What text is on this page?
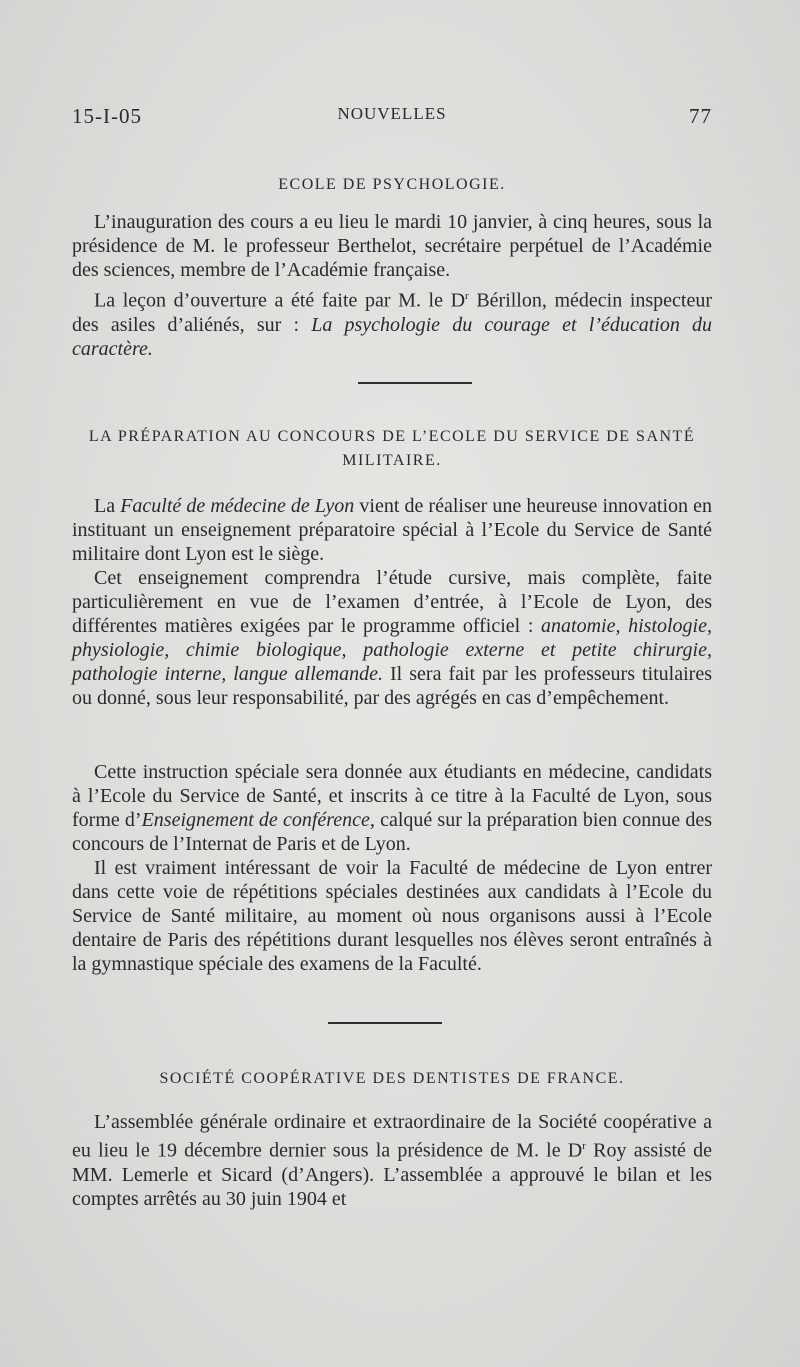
15-I-05	NOUVELLES	77
ECOLE DE PSYCHOLOGIE.

L’inauguration des cours a eu lieu le mardi 10 janvier, à cinq heures, sous la présidence de M. le professeur Berthelot, secrétaire perpétuel de l’Académie des sciences, membre de l’Académie française.

La leçon d’ouverture a été faite par M. le $D^r$ Bérillon, médecin inspecteur des asiles d’aliénés, sur : La psychologie du courage et l’éducation du caractère.

LA PRÉPARATION AU CONCOURS DE L’ECOLE DU SERVICE DE SANTÉ
MILITAIRE.

La Faculté de médecine de Lyon vient de réaliser une heureuse innovation en instituant un enseignement préparatoire spécial à l’Ecole du Service de Santé militaire dont Lyon est le siège.

Cet enseignement comprendra l’étude cursive, mais complète, faite particulièrement en vue de l’examen d’entrée, à l’Ecole de Lyon, des différentes matières exigées par le programme officiel : anatomie, histologie, physiologie, chimie biologique, pathologie externe et petite chirurgie, pathologie interne, langue allemande. Il sera fait par les professeurs titulaires ou donné, sous leur responsabilité, par des agrégés en cas d’empêchement.

Cette instruction spéciale sera donnée aux étudiants en médecine, candidats à l’Ecole du Service de Santé, et inscrits à ce titre à la Faculté de Lyon, sous forme d’Enseignement de conférence, calqué sur la préparation bien connue des concours de l’Internat de Paris et de Lyon.

Il est vraiment intéressant de voir la Faculté de médecine de Lyon entrer dans cette voie de répétitions spéciales destinées aux candidats à l’Ecole du Service de Santé militaire, au moment où nous organisons aussi à l’Ecole dentaire de Paris des répétitions durant lesquelles nos élèves seront entraînés à la gymnastique spéciale des examens de la Faculté.

SOCIÉTÉ COOPÉRATIVE DES DENTISTES DE FRANCE.

L’assemblée générale ordinaire et extraordinaire de la Société coopérative a eu lieu le 19 décembre dernier sous la présidence de M. le $D^r$ Roy assisté de MM. Lemerle et Sicard (d’Angers). L’assemblée a approuvé le bilan et les comptes arrêtés au 30 juin 1904 et
